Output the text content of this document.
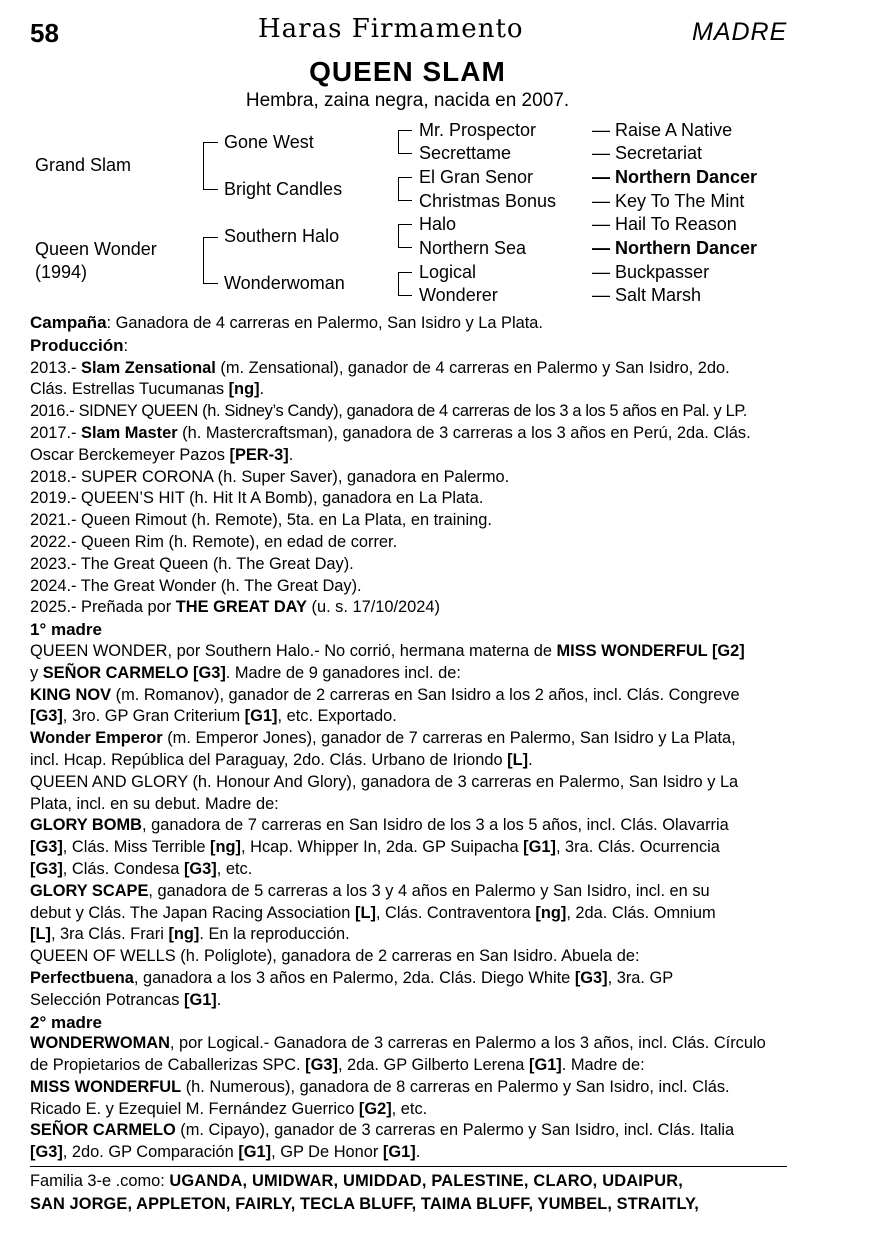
58	Haras Firmamento	MADRE
QUEEN SLAM
Hembra, zaina negra, nacida en 2007.
Grand Slam
Queen Wonder
(1994)
Gone West
Bright Candles
Southern Halo
Wonderwoman
Mr. Prospector
Secrettame
El Gran Senor
Christmas Bonus
Halo
Northern Sea
Logical
Wonderer
— Raise A Native
— Secretariat
— Northern Dancer
— Key To The Mint
— Hail To Reason
— Northern Dancer
— Buckpasser
— Salt Marsh

Campaña: Ganadora de 4 carreras en Palermo, San Isidro y La Plata.

Producción:

2013.- Slam Zensational (m. Zensational), ganador de 4 carreras en Palermo y San Isidro, 2do.

Clás. Estrellas Tucumanas [ng].

2016.- SIDNEY QUEEN (h. Sidney’s Candy), ganadora de 4 carreras de los 3 a los 5 años en Pal. y LP.

2017.- Slam Master (h. Mastercraftsman), ganadora de 3 carreras a los 3 años en Perú, 2da. Clás.

Oscar Berckemeyer Pazos [PER-3].

2018.- SUPER CORONA (h. Super Saver), ganadora en Palermo.

2019.- QUEEN’S HIT (h. Hit It A Bomb), ganadora en La Plata.

2021.- Queen Rimout (h. Remote), 5ta. en La Plata, en training.

2022.- Queen Rim (h. Remote), en edad de correr.

2023.- The Great Queen (h. The Great Day).

2024.- The Great Wonder (h. The Great Day).

2025.- Preñada por THE GREAT DAY (u. s. 17/10/2024)

1° madre

QUEEN WONDER, por Southern Halo.- No corrió, hermana materna de MISS WONDERFUL [G2]

y SEÑOR CARMELO [G3]. Madre de 9 ganadores incl. de:

KING NOV (m. Romanov), ganador de 2 carreras en San Isidro a los 2 años, incl. Clás. Congreve

[G3], 3ro. GP Gran Criterium [G1], etc. Exportado.

Wonder Emperor (m. Emperor Jones), ganador de 7 carreras en Palermo, San Isidro y La Plata,

incl. Hcap. República del Paraguay, 2do. Clás. Urbano de Iriondo [L].

QUEEN AND GLORY (h. Honour And Glory), ganadora de 3 carreras en Palermo, San Isidro y La

Plata, incl. en su debut. Madre de:

GLORY BOMB, ganadora de 7 carreras en San Isidro de los 3 a los 5 años, incl. Clás. Olavarria

[G3], Clás. Miss Terrible [ng], Hcap. Whipper In, 2da. GP Suipacha [G1], 3ra. Clás. Ocurrencia

[G3], Clás. Condesa [G3], etc.

GLORY SCAPE, ganadora de 5 carreras a los 3 y 4 años en Palermo y San Isidro, incl. en su

debut y Clás. The Japan Racing Association [L], Clás. Contraventora [ng], 2da. Clás. Omnium

[L], 3ra Clás. Frari [ng]. En la reproducción.

QUEEN OF WELLS (h. Poliglote), ganadora de 2 carreras en San Isidro. Abuela de:

Perfectbuena, ganadora a los 3 años en Palermo, 2da. Clás. Diego White [G3], 3ra. GP

Selección Potrancas [G1].

2° madre

WONDERWOMAN, por Logical.- Ganadora de 3 carreras en Palermo a los 3 años, incl. Clás. Círculo

de Propietarios de Caballerizas SPC. [G3], 2da. GP Gilberto Lerena [G1]. Madre de:

MISS WONDERFUL (h. Numerous), ganadora de 8 carreras en Palermo y San Isidro, incl. Clás.

Ricado E. y Ezequiel M. Fernández Guerrico [G2], etc.

SEÑOR CARMELO (m. Cipayo), ganador de 3 carreras en Palermo y San Isidro, incl. Clás. Italia

[G3], 2do. GP Comparación [G1], GP De Honor [G1].

Familia 3-e .como: UGANDA, UMIDWAR, UMIDDAD, PALESTINE, CLARO, UDAIPUR,
SAN JORGE, APPLETON, FAIRLY, TECLA BLUFF, TAIMA BLUFF, YUMBEL, STRAITLY,
